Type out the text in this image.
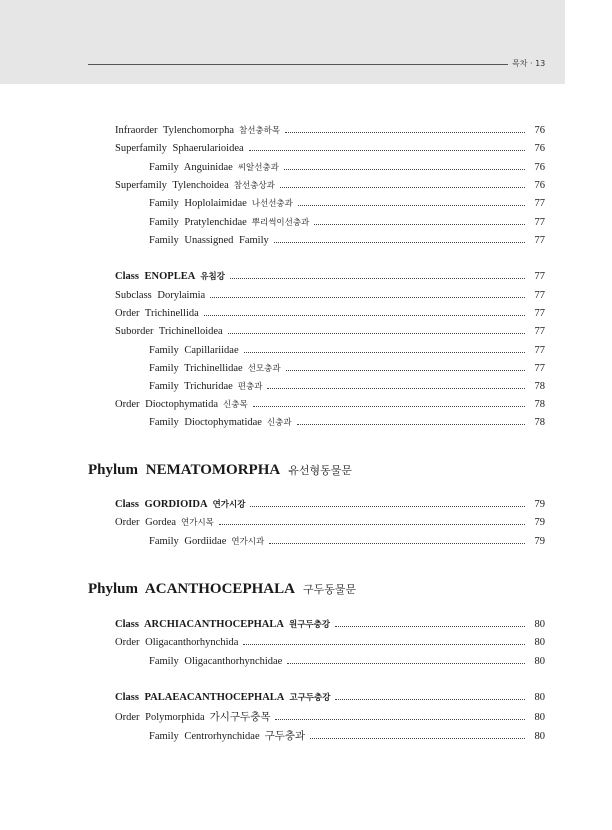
목차 · 13
Infraorder Tylenchomorpha 참선충하목	76
Superfamily Sphaerularioidea	76
Family Anguinidae 씨알선충과	76
Superfamily Tylenchoidea 참선충상과	76
Family Hoplolaimidae 나선선충과	77
Family Pratylenchidae 뿌리썩이선충과	77
Family Unassigned Family	77
Class ENOPLEA 유침강	77
Subclass Dorylaimia	77
Order Trichinellida	77
Suborder Trichinelloidea	77
Family Capillariidae	77
Family Trichinellidae 선모충과	77
Family Trichuridae 편충과	78
Order Dioctophymatida 신충목	78
Family Dioctophymatidae 신충과	78
Phylum NEMATOMORPHA 유선형동물문
Class GORDIOIDA 연가시강	79
Order Gordea 연가시목	79
Family Gordiidae 연가시과	79
Phylum ACANTHOCEPHALA 구두동물문
Class ARCHIACANTHOCEPHALA 원구두충강	80
Order Oligacanthorhynchida	80
Family Oligacanthorhynchidae	80
Class PALAEACANTHOCEPHALA 고구두충강	80
Order Polymorphida 가시구두충목	80
Family Centrorhynchidae 구두충과	80
